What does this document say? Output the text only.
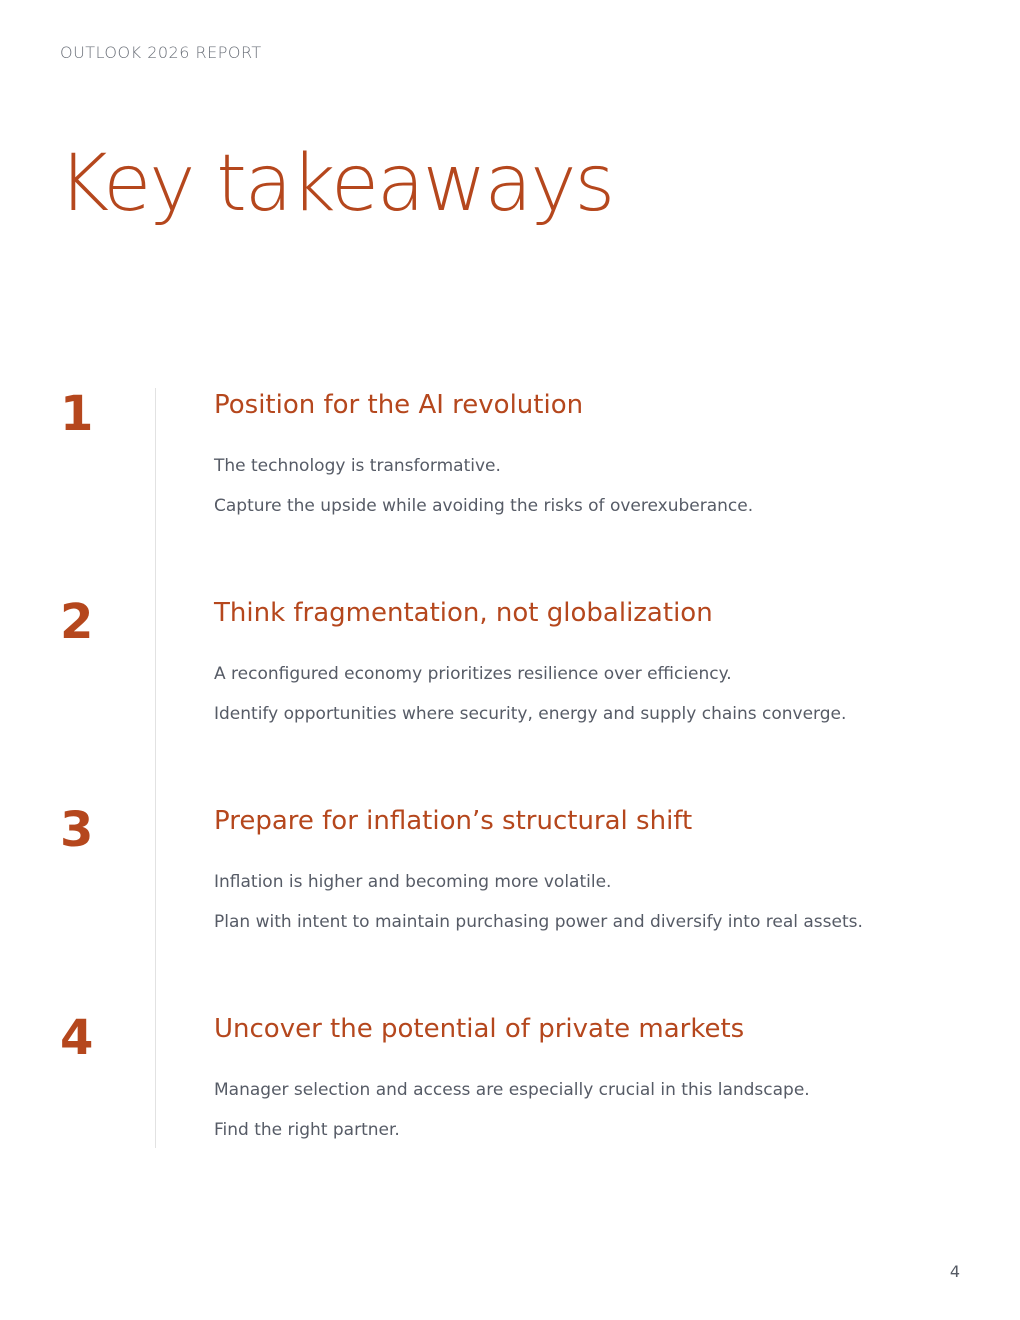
OUTLOOK 2026 REPORT
Key takeaways
1	Position for the AI revolution

The technology is transformative.

Capture the upside while avoiding the risks of overexuberance.

2	Think fragmentation, not globalization

A reconfigured economy prioritizes resilience over efficiency.

Identify opportunities where security, energy and supply chains converge.

3	Prepare for inflation’s structural shift

Inflation is higher and becoming more volatile.

Plan with intent to maintain purchasing power and diversify into real assets.

4	Uncover the potential of private markets

Manager selection and access are especially crucial in this landscape.

Find the right partner.

4
